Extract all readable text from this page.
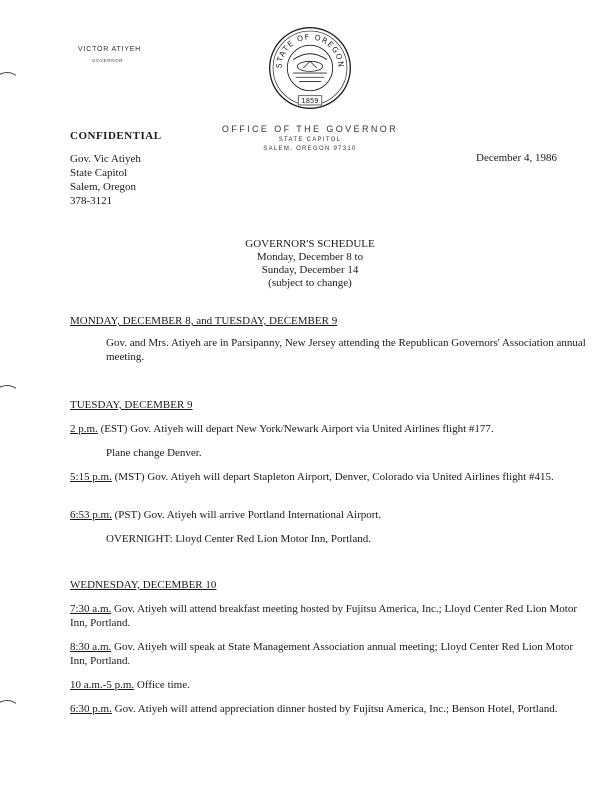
VICTOR ATIYEH
GOVERNOR
STATE OF OREGON
1859
OFFICE OF THE GOVERNOR
STATE CAPITOL
SALEM, OREGON 97310
CONFIDENTIAL
Gov. Vic Atiyeh
State Capitol
Salem, Oregon
378-3121
December 4, 1986
GOVERNOR'S SCHEDULE
Monday, December 8 to
Sunday, December 14
(subject to change)
MONDAY, DECEMBER 8, and TUESDAY, DECEMBER 9
Gov. and Mrs. Atiyeh are in Parsipanny, New Jersey attending the Republican Governors' Association annual meeting.
TUESDAY, DECEMBER 9
2 p.m. (EST) Gov. Atiyeh will depart New York/Newark Airport via United Airlines flight #177.
Plane change Denver.
5:15 p.m. (MST) Gov. Atiyeh will depart Stapleton Airport, Denver, Colorado via United Airlines flight #415.
6:53 p.m. (PST) Gov. Atiyeh will arrive Portland International Airport.
OVERNIGHT: Lloyd Center Red Lion Motor Inn, Portland.
WEDNESDAY, DECEMBER 10
7:30 a.m. Gov. Atiyeh will attend breakfast meeting hosted by Fujitsu America, Inc.; Lloyd Center Red Lion Motor Inn, Portland.
8:30 a.m. Gov. Atiyeh will speak at State Management Association annual meeting; Lloyd Center Red Lion Motor Inn, Portland.
10 a.m.-5 p.m. Office time.
6:30 p.m. Gov. Atiyeh will attend appreciation dinner hosted by Fujitsu America, Inc.; Benson Hotel, Portland.
